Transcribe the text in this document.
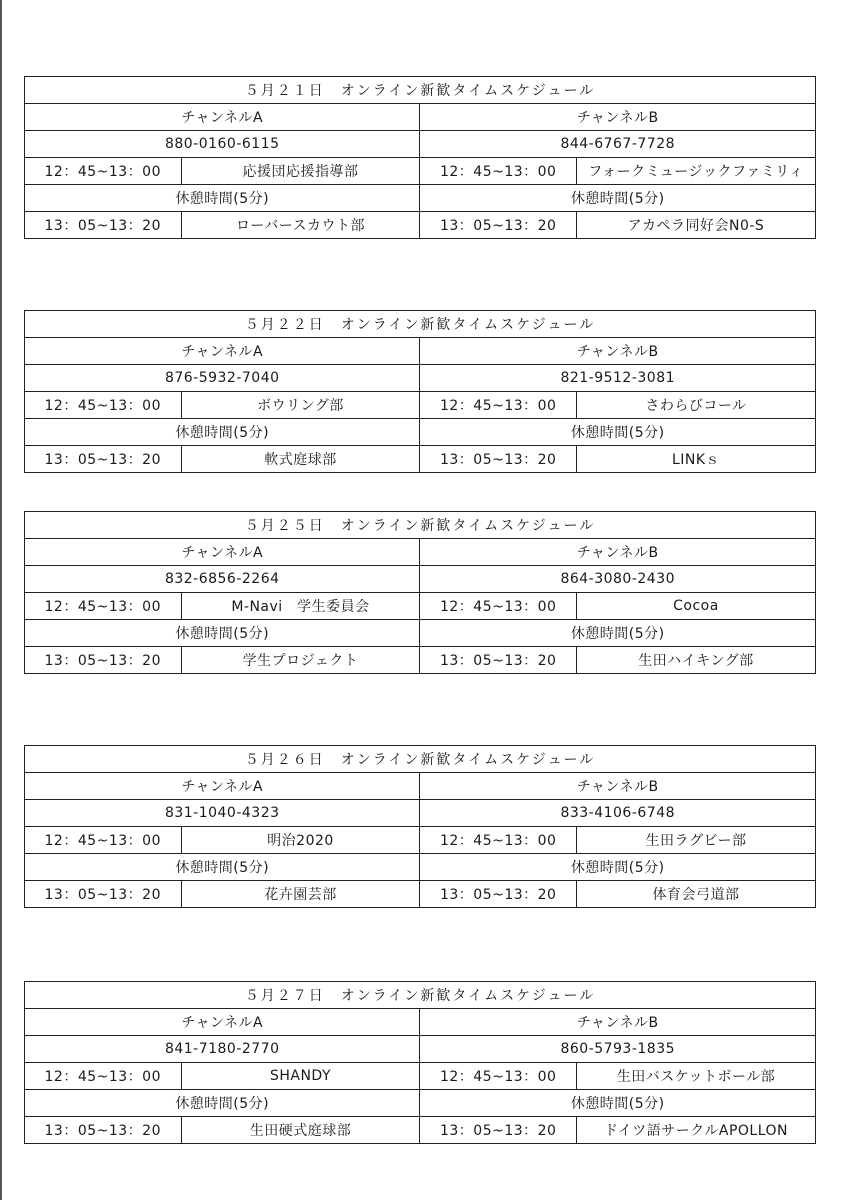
５月２１日　オンライン新歓タイムスケジュール			
チャンネルA		チャンネルB	
880-0160-6115		844-6767-7728	
12：45~13：00	応援団応援指導部	12：45~13：00	フォークミュージックファミリィ
休憩時間(5分)		休憩時間(5分)	
13：05~13：20	ローバースカウト部	13：05~13：20	アカペラ同好会N0-S
５月２２日　オンライン新歓タイムスケジュール			
チャンネルA		チャンネルB	
876-5932-7040		821-9512-3081	
12：45~13：00	ボウリング部	12：45~13：00	さわらびコール
休憩時間(5分)		休憩時間(5分)	
13：05~13：20	軟式庭球部	13：05~13：20	LINKｓ
５月２５日　オンライン新歓タイムスケジュール			
チャンネルA		チャンネルB	
832-6856-2264		864-3080-2430	
12：45~13：00	M-Navi　学生委員会	12：45~13：00	Cocoa
休憩時間(5分)		休憩時間(5分)	
13：05~13：20	学生プロジェクト	13：05~13：20	生田ハイキング部
５月２６日　オンライン新歓タイムスケジュール			
チャンネルA		チャンネルB	
831-1040-4323		833-4106-6748	
12：45~13：00	明治2020	12：45~13：00	生田ラグビー部
休憩時間(5分)		休憩時間(5分)	
13：05~13：20	花卉園芸部	13：05~13：20	体育会弓道部
５月２７日　オンライン新歓タイムスケジュール			
チャンネルA		チャンネルB	
841-7180-2770		860-5793-1835	
12：45~13：00	SHANDY	12：45~13：00	生田バスケットボール部
休憩時間(5分)		休憩時間(5分)	
13：05~13：20	生田硬式庭球部	13：05~13：20	ドイツ語サークルAPOLLON
